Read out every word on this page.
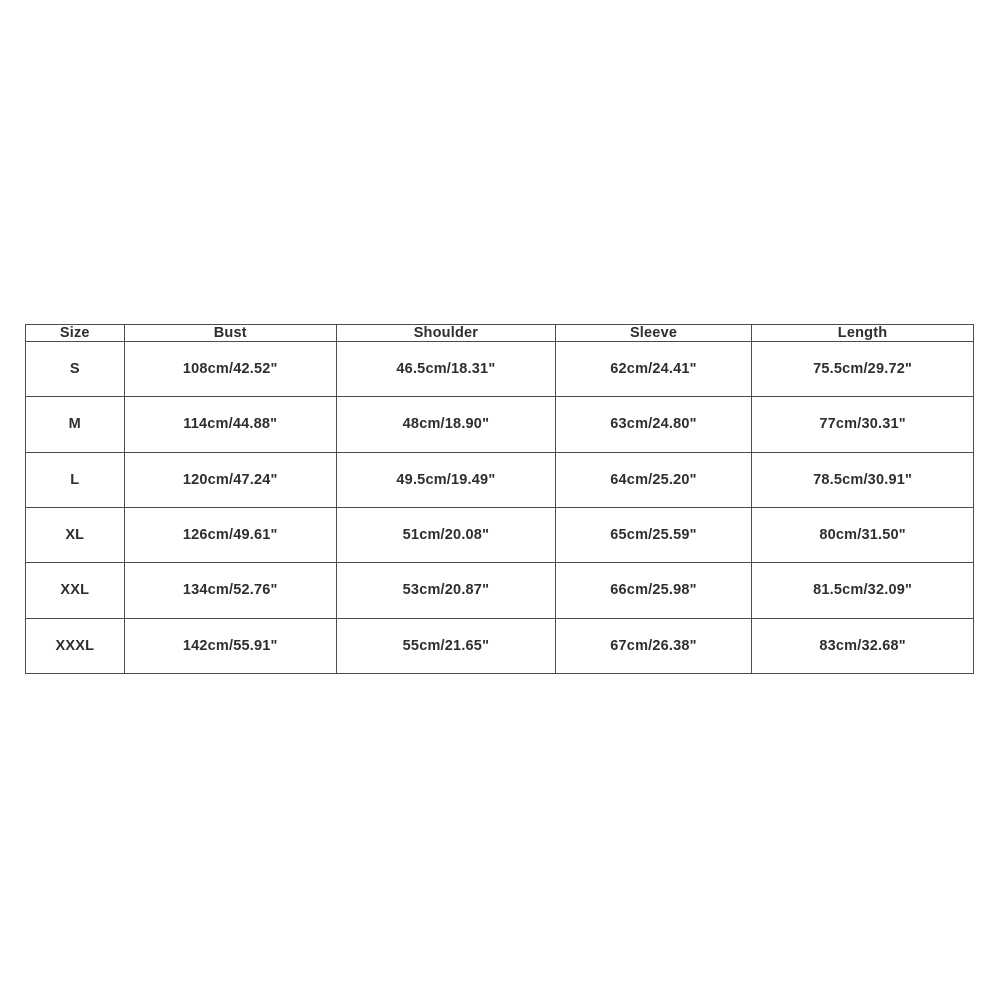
Size	Bust	Shoulder	Sleeve	Length
S	108cm/42.52"	46.5cm/18.31"	62cm/24.41"	75.5cm/29.72"
M	114cm/44.88"	48cm/18.90"	63cm/24.80"	77cm/30.31"
L	120cm/47.24"	49.5cm/19.49"	64cm/25.20"	78.5cm/30.91"
XL	126cm/49.61"	51cm/20.08"	65cm/25.59"	80cm/31.50"
XXL	134cm/52.76"	53cm/20.87"	66cm/25.98"	81.5cm/32.09"
XXXL	142cm/55.91"	55cm/21.65"	67cm/26.38"	83cm/32.68"
